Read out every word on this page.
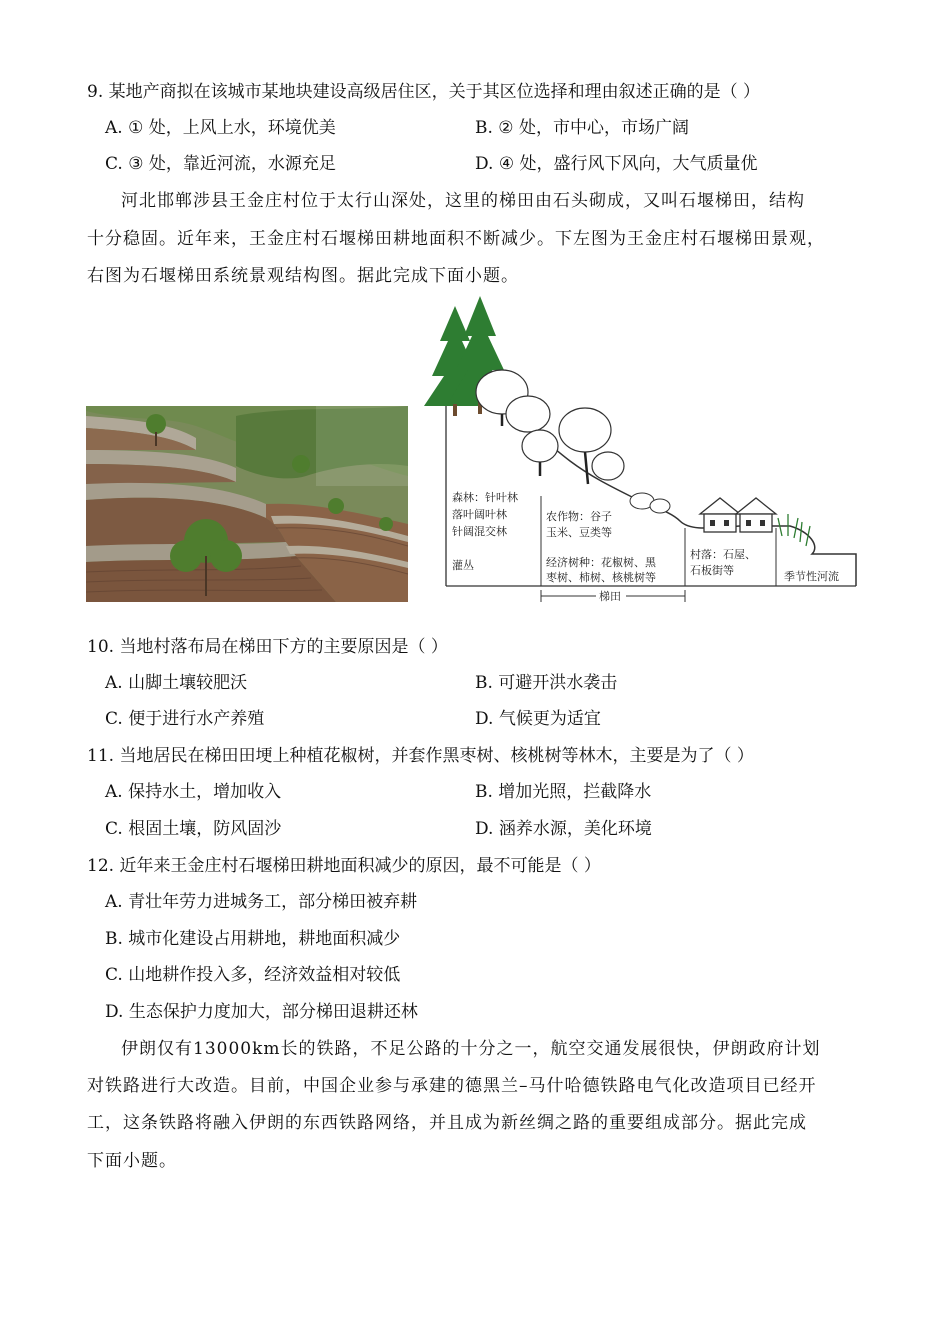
9. 某地产商拟在该城市某地块建设高级居住区，关于其区位选择和理由叙述正确的是（ ）
A. ① 处，上风上水，环境优美	B. ② 处，市中心，市场广阔
C. ③ 处，靠近河流，水源充足	D. ④ 处，盛行风下风向，大气质量优
河北邯郸涉县王金庄村位于太行山深处，这里的梯田由石头砌成，又叫石堰梯田，结构
十分稳固。近年来，王金庄村石堰梯田耕地面积不断减少。下左图为王金庄村石堰梯田景观，
右图为石堰梯田系统景观结构图。据此完成下面小题。
森林：针叶林
落叶阔叶林
针阔混交林
灌丛
农作物：谷子
玉米、豆类等
经济树种：花椒树、黑
枣树、柿树、核桃树等
村落：石屋、
石板街等	季节性河流
梯田
10. 当地村落布局在梯田下方的主要原因是（ ）
A. 山脚土壤较肥沃	B. 可避开洪水袭击
C. 便于进行水产养殖	D. 气候更为适宜
11. 当地居民在梯田田埂上种植花椒树，并套作黑枣树、核桃树等林木，主要是为了（ ）
A. 保持水土，增加收入	B. 增加光照，拦截降水
C. 根固土壤，防风固沙	D. 涵养水源，美化环境
12. 近年来王金庄村石堰梯田耕地面积减少的原因，最不可能是（ ）
A. 青壮年劳力进城务工，部分梯田被弃耕
B. 城市化建设占用耕地，耕地面积减少
C. 山地耕作投入多，经济效益相对较低
D. 生态保护力度加大，部分梯田退耕还林
伊朗仅有13000km长的铁路，不足公路的十分之一，航空交通发展很快，伊朗政府计划
对铁路进行大改造。目前，中国企业参与承建的德黑兰–马什哈德铁路电气化改造项目已经开
工，这条铁路将融入伊朗的东西铁路网络，并且成为新丝绸之路的重要组成部分。据此完成
下面小题。
